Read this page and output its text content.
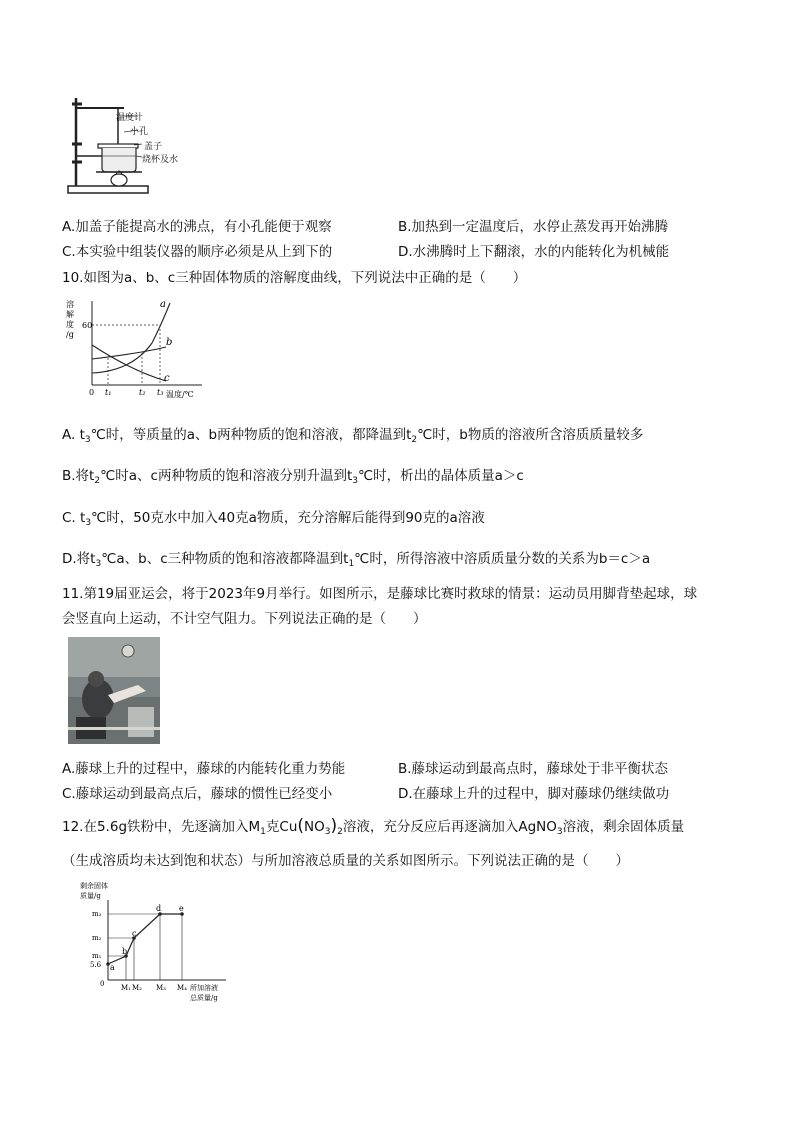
温度计
小孔
盖子
烧杯及水
A.加盖子能提高水的沸点，有小孔能便于观察	B.加热到一定温度后，水停止蒸发再开始沸腾
C.本实验中组装仪器的顺序必须是从上到下的	D.水沸腾时上下翻滚，水的内能转化为机械能
10.如图为a、b、c三种固体物质的溶解度曲线，下列说法中正确的是（　　）
a
b
c
60
0 t₁	t₂ t₃ 温度/℃
溶
解
度
/g
A. $t_3℃$时，等质量的a、b两种物质的饱和溶液，都降温到$t_2℃$时，b物质的溶液所含溶质质量较多
B.将$t_2℃$时a、c两种物质的饱和溶液分别升温到$t_3℃$时，析出的晶体质量a＞c
C. $t_3℃$时，50克水中加入40克a物质，充分溶解后能得到90克的a溶液
D.将$t_3℃a$、b、c三种物质的饱和溶液都降温到$t_1℃$时，所得溶液中溶质质量分数的关系为b＝c＞a
11.第19届亚运会，将于2023年9月举行。如图所示，是藤球比赛时救球的情景：运动员用脚背垫起球，球
会竖直向上运动，不计空气阻力。下列说法正确的是（　　）
A.藤球上升的过程中，藤球的内能转化重力势能	B.藤球运动到最高点时，藤球处于非平衡状态
C.藤球运动到最高点后，藤球的惯性已经变小	D.在藤球上升的过程中，脚对藤球仍继续做功
12.在5.6g铁粉中，先逐滴加入$M_1$克$Cu(NO_3)_2$溶液，充分反应后再逐滴加入AgNO$_3$溶液，剩余固体质量
（生成溶质均未达到饱和状态）与所加溶液总质量的关系如图所示。下列说法正确的是（　　）
a
b
c
d e
m₃
m₂
m₁
5.6
0 M₁ M₂ M₃ M₄ 所加溶液
总质量/g
剩余固体
质量/g
